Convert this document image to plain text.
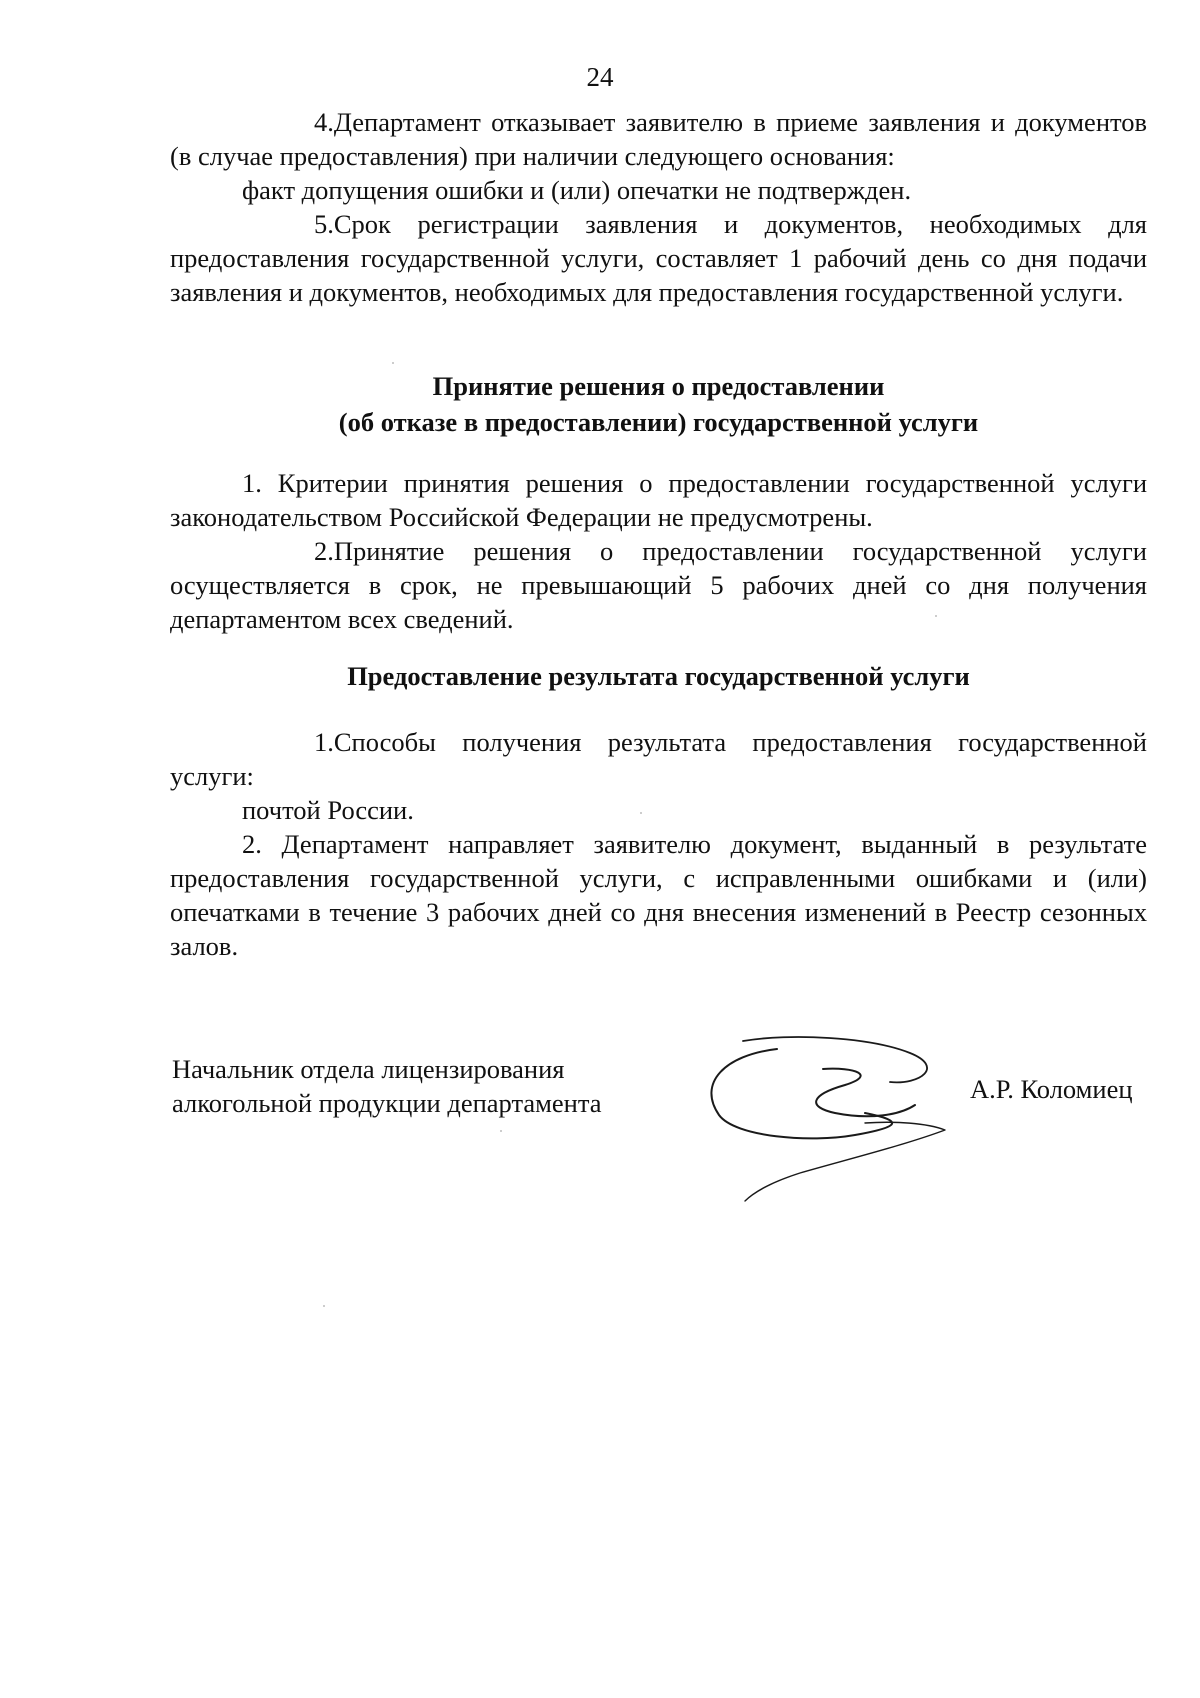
24

4.Департамент отказывает заявителю в приеме заявления и документов (в случае предоставления) при наличии следующего основания:

факт допущения ошибки и (или) опечатки не подтвержден.

5.Срок регистрации заявления и документов, необходимых для предоставления государственной услуги, составляет 1 рабочий день со дня подачи заявления и документов, необходимых для предоставления государственной услуги.

Принятие решения о предоставлении
(об отказе в предоставлении) государственной услуги

1. Критерии принятия решения о предоставлении государственной услуги законодательством Российской Федерации не предусмотрены.

2.Принятие решения о предоставлении государственной услуги осуществляется в срок, не превышающий 5 рабочих дней со дня получения департаментом всех сведений.

Предоставление результата государственной услуги

1.Способы получения результата предоставления государственной услуги:

почтой России.

2. Департамент направляет заявителю документ, выданный в результате предоставления государственной услуги, с исправленными ошибками и (или) опечатками в течение 3 рабочих дней со дня внесения изменений в Реестр сезонных залов.

Начальник отдела лицензирования
алкогольной продукции департамента	А.Р. Коломиец
